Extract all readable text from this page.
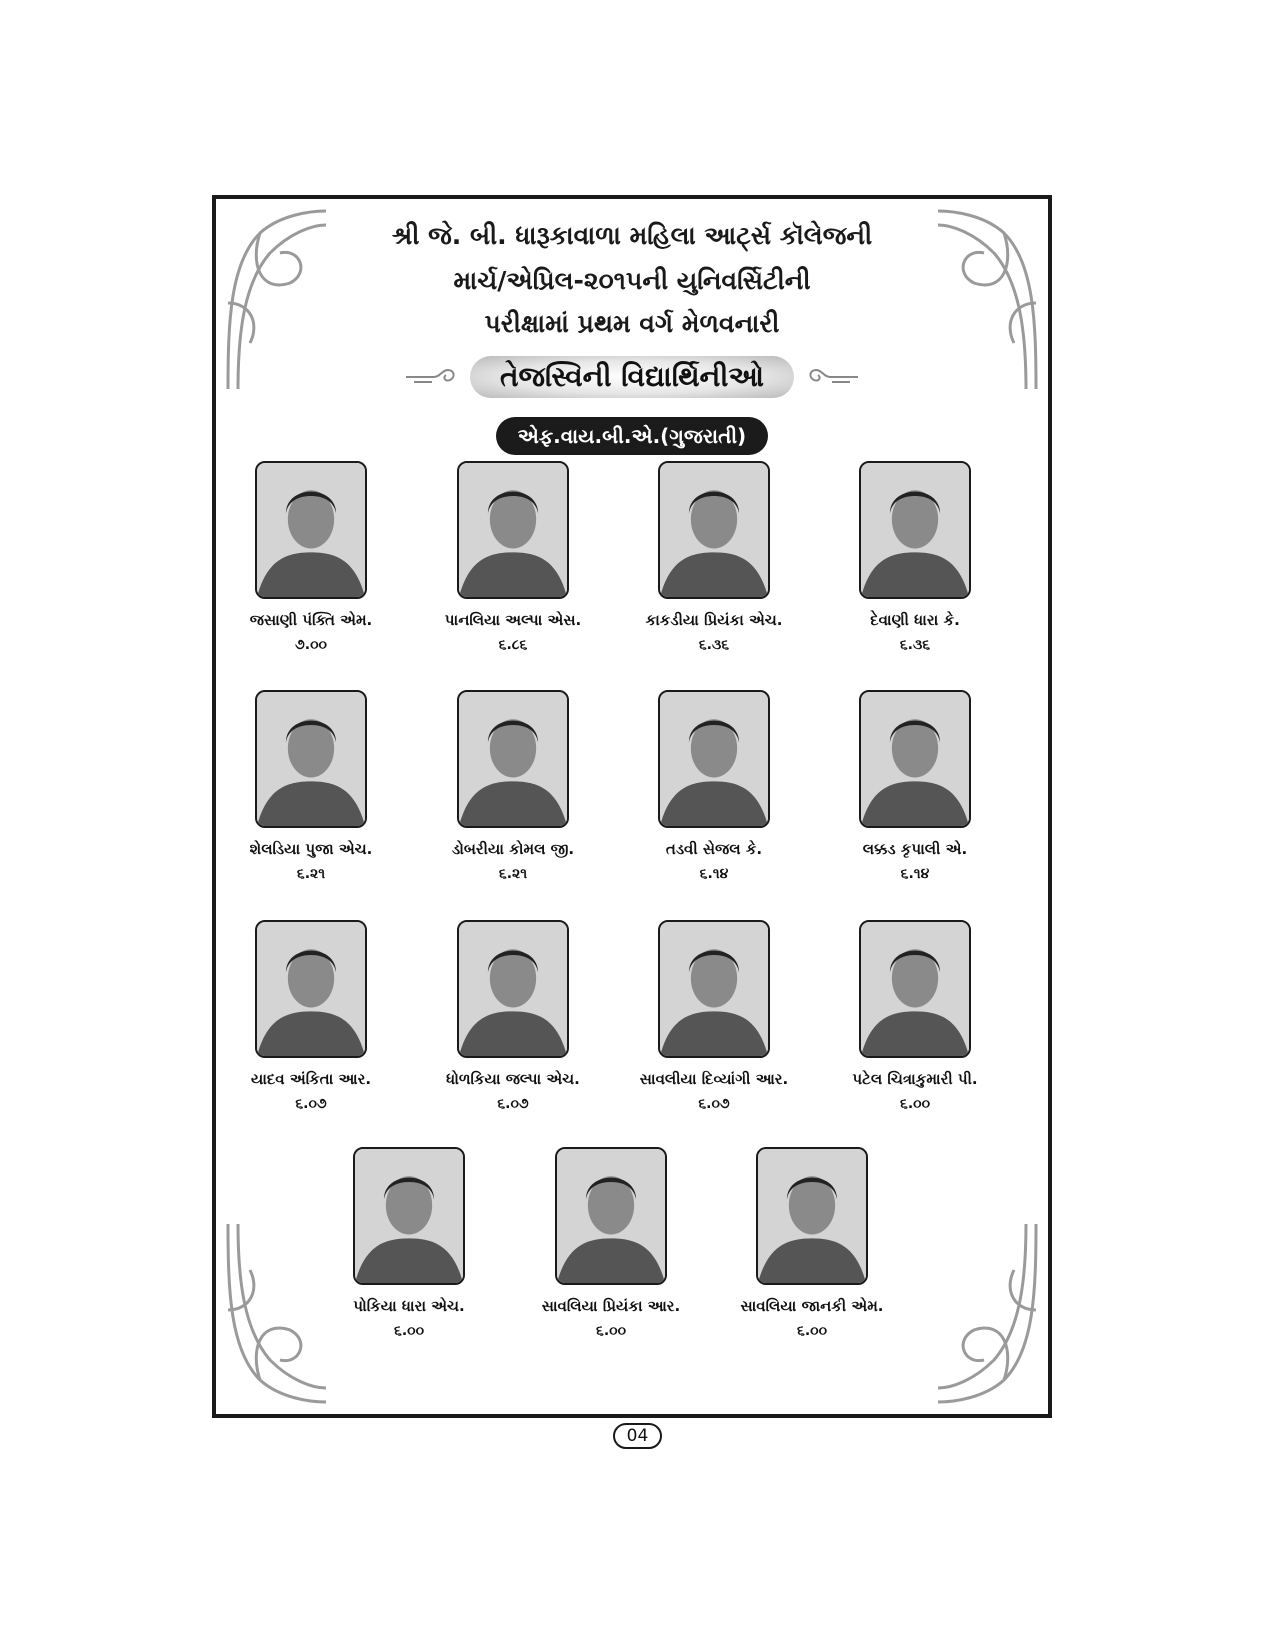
શ્રી જે. બી. ધારૂકાવાળા મહિલા આર્ટ્સ કૉલેજની
માર્ચ/એપ્રિલ-૨૦૧૫ની યુનિવર્સિટીની
પરીક્ષામાં પ્રથમ વર્ગ મેળવનારી
તેજસ્વિની વિદ્યાર્થિનીઓ
એફ.વાય.બી.એ.(ગુજરાતી)
જસાણી પંક્તિ એમ.
૭.૦૦
પાનલિયા અલ્પા એસ.
૬.૮૬
કાકડીયા પ્રિયંકા એચ.
૬.૩૬
દેવાણી ધારા કે.
૬.૩૬
શેલડિયા પુજા એચ.
૬.૨૧
ડોબરીયા કોમલ જી.
૬.૨૧
તડવી સેજલ કે.
૬.૧૪
લક્કડ કૃપાલી એ.
૬.૧૪
યાદવ અંકિતા આર.
૬.૦૭
ધોળકિયા જલ્પા એચ.
૬.૦૭
સાવલીયા દિવ્યાંગી આર.
૬.૦૭
પટેલ ચિત્રાકુમારી પી.
૬.૦૦
પોકિયા ધારા એચ.
૬.૦૦
સાવલિયા પ્રિયંકા આર.
૬.૦૦
સાવલિયા જાનકી એમ.
૬.૦૦
04
